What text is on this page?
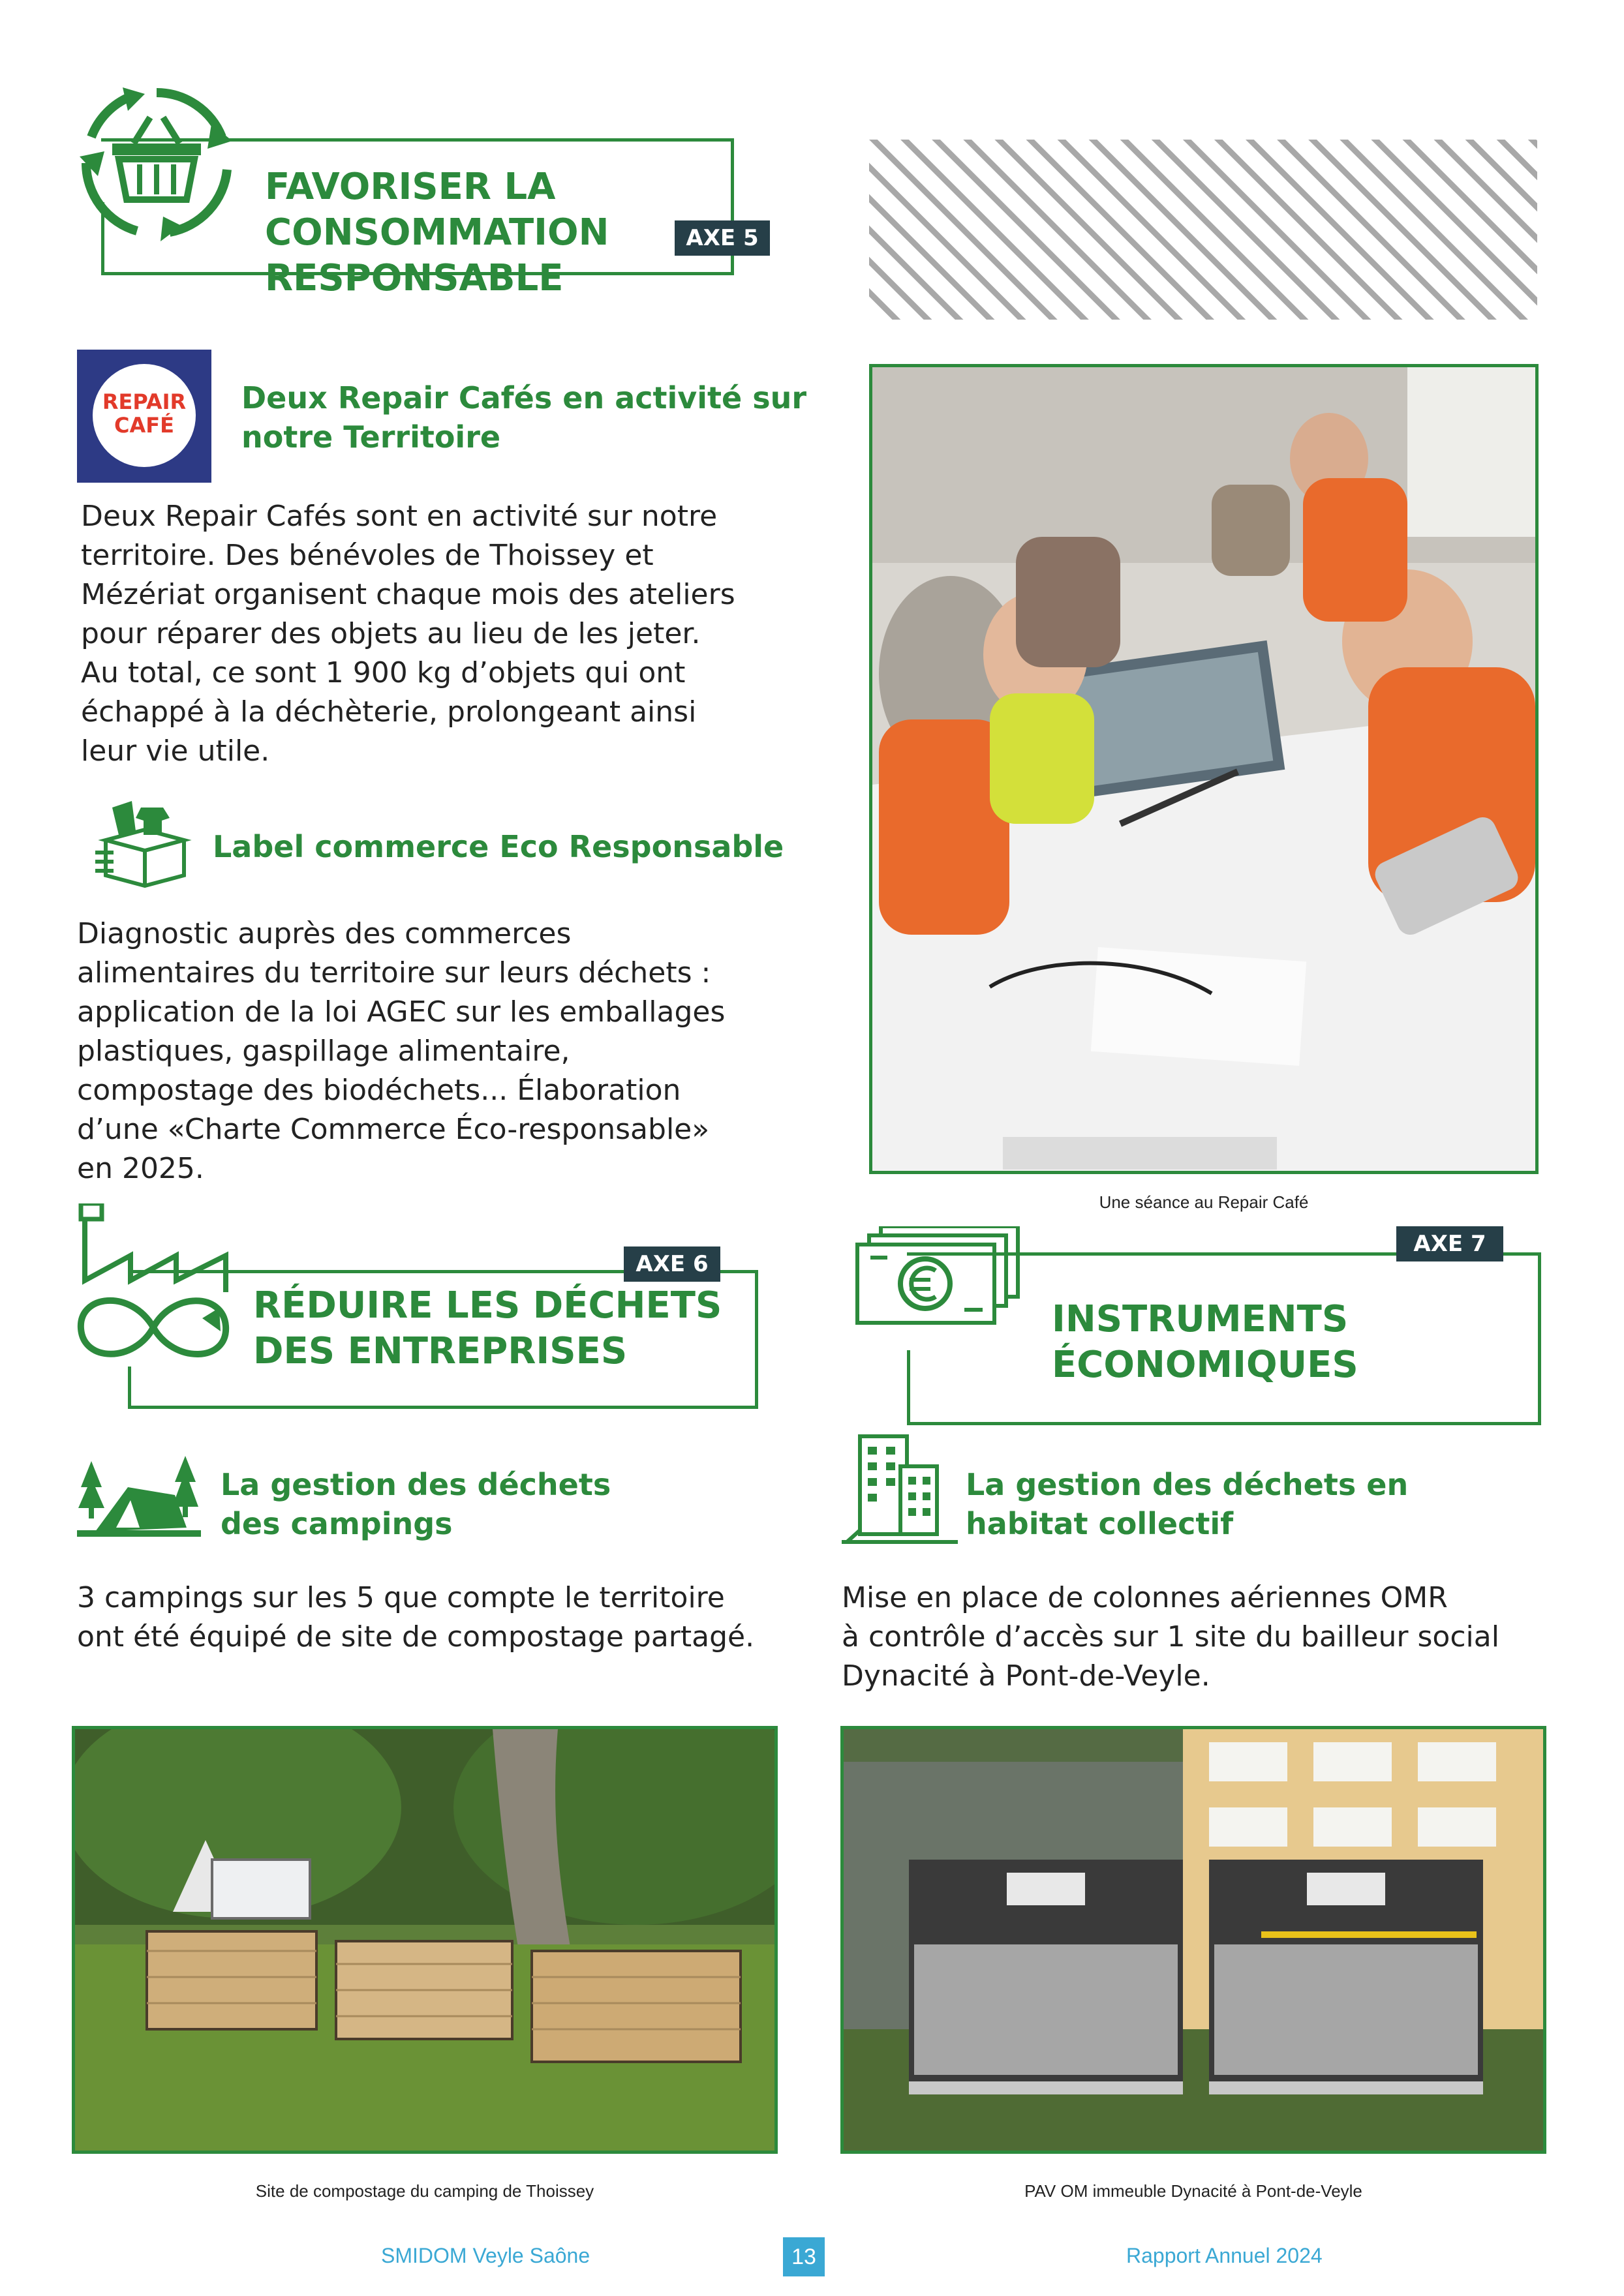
FAVORISER LA
CONSOMMATION
RESPONSABLE
AXE 5
REPAIR
CAFÉ
Deux Repair Cafés en activité sur
notre Territoire
Deux Repair Cafés sont en activité sur notre
territoire. Des bénévoles de Thoissey et
Mézériat organisent chaque mois des ateliers
pour réparer des objets au lieu de les jeter.
Au total, ce sont 1 900 kg d’objets qui ont
échappé à la déchèterie, prolongeant ainsi
leur vie utile.
Label commerce Eco Responsable
Diagnostic auprès des commerces
alimentaires du territoire sur leurs déchets :
application de la loi AGEC sur les emballages
plastiques, gaspillage alimentaire,
compostage des biodéchets... Élaboration
d’une «Charte Commerce Éco-responsable»
en 2025.
Une séance au Repair Café
RÉDUIRE LES DÉCHETS
DES ENTREPRISES
AXE 6
INSTRUMENTS
ÉCONOMIQUES
AXE 7
La gestion des déchets
des campings
3 campings sur les 5 que compte le territoire
ont été équipé de site de compostage partagé.
La gestion des déchets en
habitat collectif
Mise en place de colonnes aériennes OMR
à contrôle d’accès sur 1 site du bailleur social
Dynacité à Pont-de-Veyle.
Site de compostage du camping de Thoissey	PAV OM immeuble Dynacité à Pont-de-Veyle
SMIDOM Veyle Saône	13	Rapport Annuel 2024
